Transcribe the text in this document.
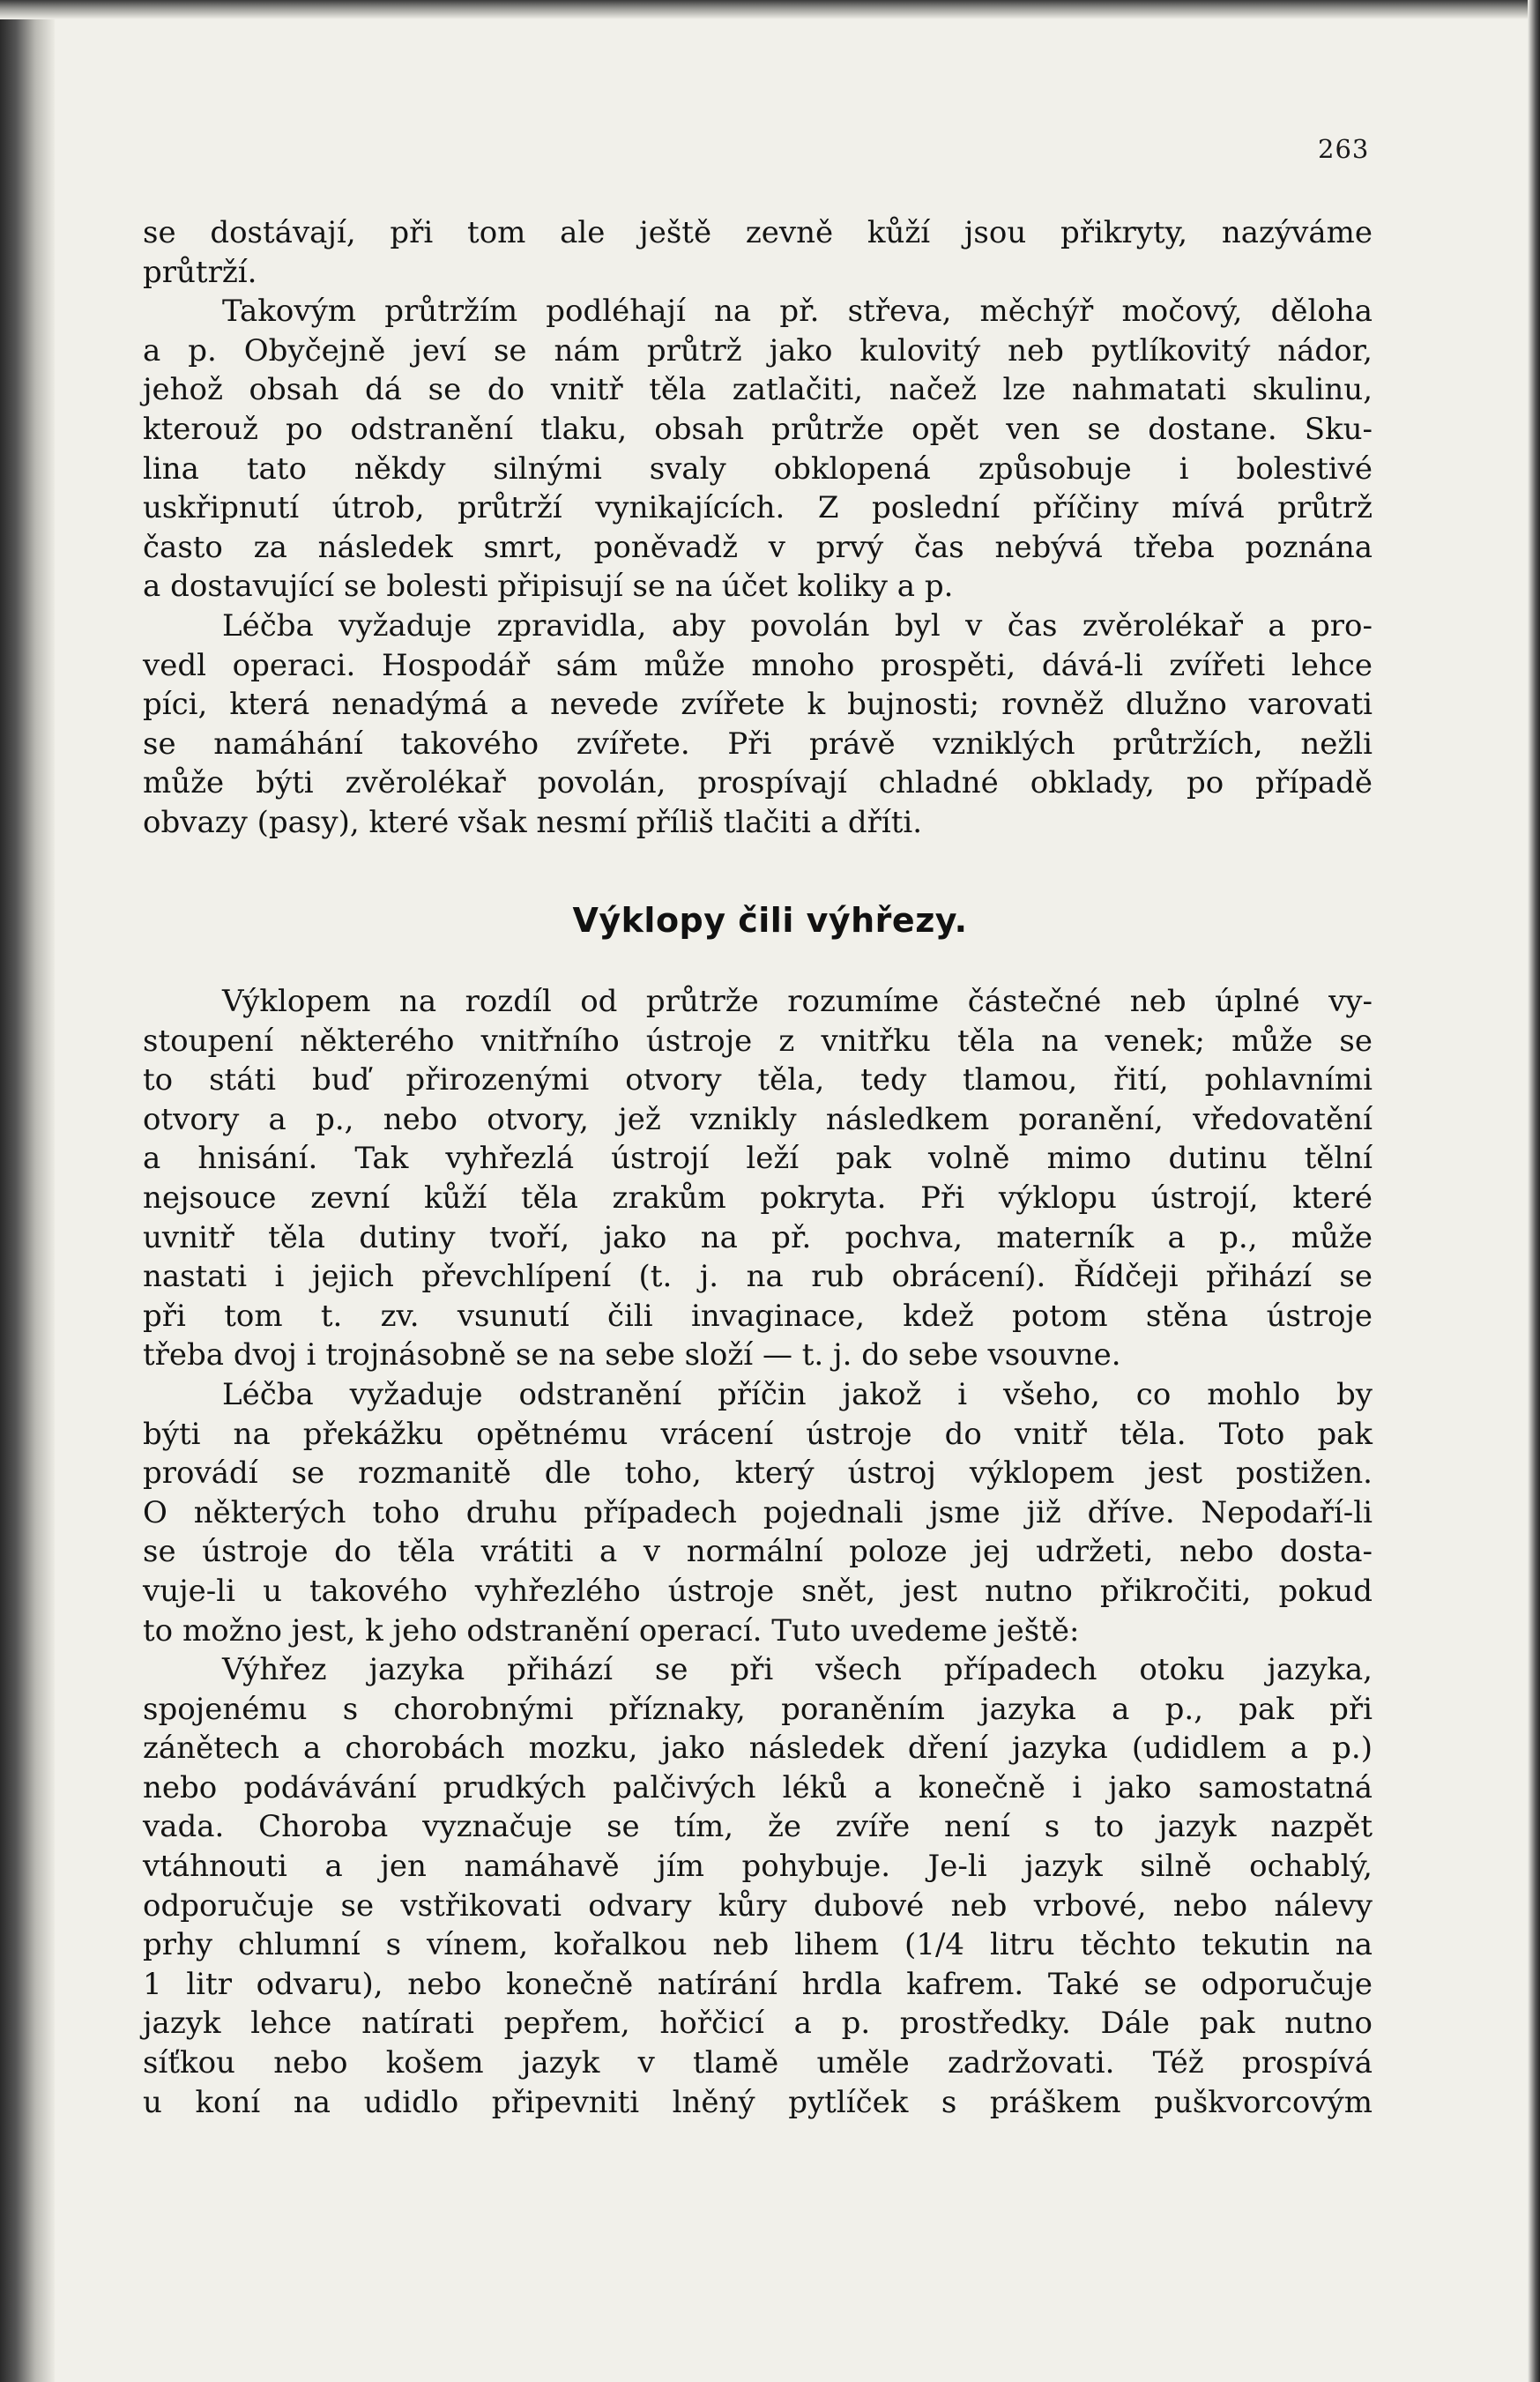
263
se dostávají, při tom ale ještě zevně kůží jsou přikryty, nazýváme
průtrží.
Takovým průtržím podléhají na př. střeva, měchýř močový, děloha
a p. Obyčejně jeví se nám průtrž jako kulovitý neb pytlíkovitý nádor,
jehož obsah dá se do vnitř těla zatlačiti, načež lze nahmatati skulinu,
kterouž po odstranění tlaku, obsah průtrže opět ven se dostane. Sku-
lina tato někdy silnými svaly obklopená způsobuje i bolestivé
uskřipnutí útrob, průtrží vynikajících. Z poslední příčiny mívá průtrž
často za následek smrt, poněvadž v prvý čas nebývá třeba poznána
a dostavující se bolesti připisují se na účet koliky a p.
Léčba vyžaduje zpravidla, aby povolán byl v čas zvěrolékař a pro-
vedl operaci. Hospodář sám může mnoho prospěti, dává-li zvířeti lehce
píci, která nenadýmá a nevede zvířete k bujnosti; rovněž dlužno varovati
se namáhání takového zvířete. Při právě vzniklých průtržích, nežli
může býti zvěrolékař povolán, prospívají chladné obklady, po případě
obvazy (pasy), které však nesmí příliš tlačiti a dříti.
Výklopy čili výhřezy.
Výklopem na rozdíl od průtrže rozumíme částečné neb úplné vy-
stoupení některého vnitřního ústroje z vnitřku těla na venek; může se
to státi buď přirozenými otvory těla, tedy tlamou, řití, pohlavními
otvory a p., nebo otvory, jež vznikly následkem poranění, vředovatění
a hnisání. Tak vyhřezlá ústrojí leží pak volně mimo dutinu tělní
nejsouce zevní kůží těla zrakům pokryta. Při výklopu ústrojí, které
uvnitř těla dutiny tvoří, jako na př. pochva, materník a p., může
nastati i jejich převchlípení (t. j. na rub obrácení). Řídčeji přihází se
při tom t. zv. vsunutí čili invaginace, kdež potom stěna ústroje
třeba dvoj i trojnásobně se na sebe složí — t. j. do sebe vsouvne.
Léčba vyžaduje odstranění příčin jakož i všeho, co mohlo by
býti na překážku opětnému vrácení ústroje do vnitř těla. Toto pak
provádí se rozmanitě dle toho, který ústroj výklopem jest postižen.
O některých toho druhu případech pojednali jsme již dříve. Nepodaří-li
se ústroje do těla vrátiti a v normální poloze jej udržeti, nebo dosta-
vuje-li u takového vyhřezlého ústroje snět, jest nutno přikročiti, pokud
to možno jest, k jeho odstranění operací. Tuto uvedeme ještě:
Výhřez jazyka přihází se při všech případech otoku jazyka,
spojenému s chorobnými příznaky, poraněním jazyka a p., pak při
zánětech a chorobách mozku, jako následek dření jazyka (udidlem a p.)
nebo podávávání prudkých palčivých léků a konečně i jako samostatná
vada. Choroba vyznačuje se tím, že zvíře není s to jazyk nazpět
vtáhnouti a jen namáhavě jím pohybuje. Je-li jazyk silně ochablý,
odporučuje se vstřikovati odvary kůry dubové neb vrbové, nebo nálevy
prhy chlumní s vínem, kořalkou neb lihem (1/4 litru těchto tekutin na
1 litr odvaru), nebo konečně natírání hrdla kafrem. Také se odporučuje
jazyk lehce natírati pepřem, hořčicí a p. prostředky. Dále pak nutno
síťkou nebo košem jazyk v tlamě uměle zadržovati. Též prospívá
u koní na udidlo připevniti lněný pytlíček s práškem puškvorcovým
